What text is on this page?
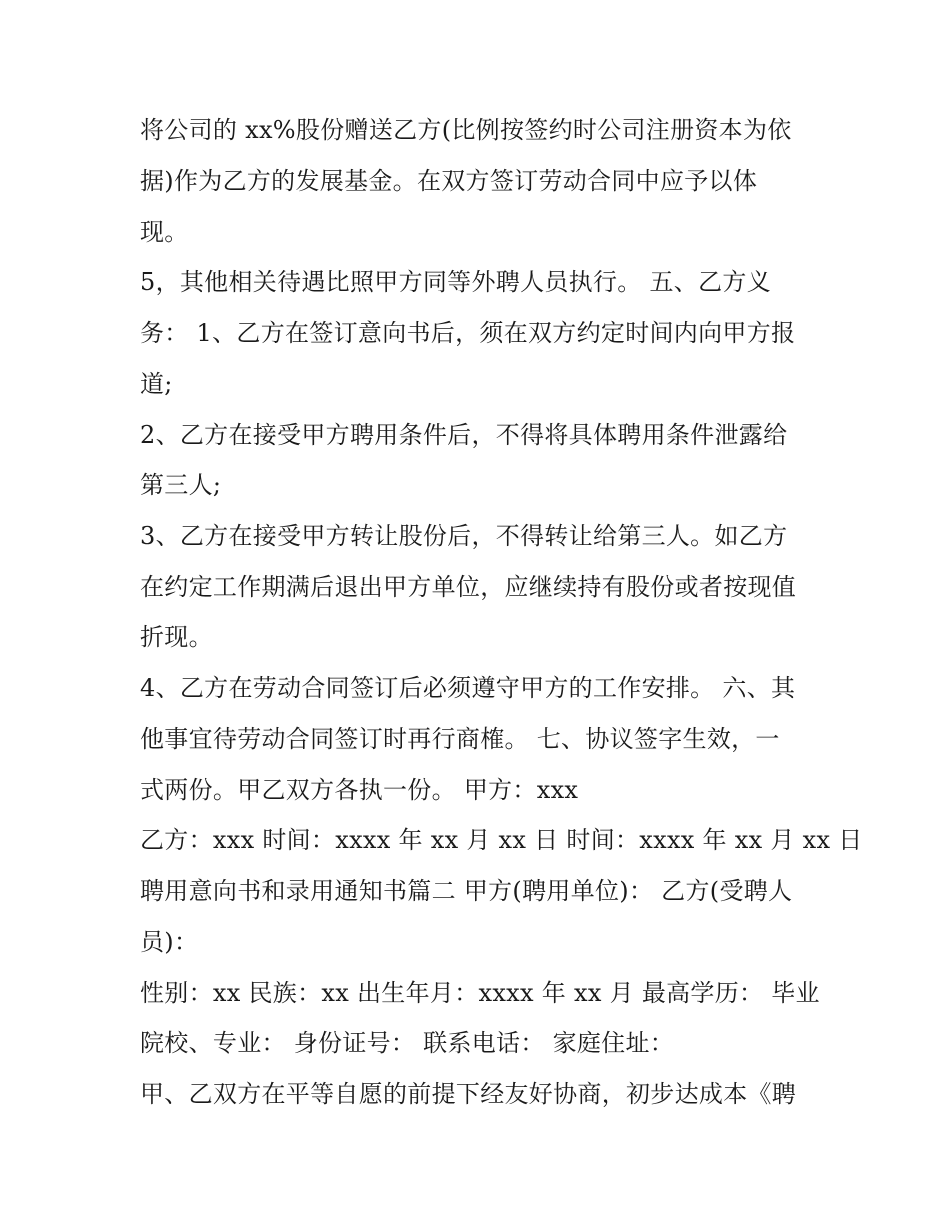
将公司的 xx%股份赠送乙方(比例按签约时公司注册资本为依
据)作为乙方的发展基金。在双方签订劳动合同中应予以体
现。
5，其他相关待遇比照甲方同等外聘人员执行。 五、乙方义
务： 1、乙方在签订意向书后，须在双方约定时间内向甲方报
道;
2、乙方在接受甲方聘用条件后，不得将具体聘用条件泄露给
第三人;
3、乙方在接受甲方转让股份后，不得转让给第三人。如乙方
在约定工作期满后退出甲方单位，应继续持有股份或者按现值
折现。
4、乙方在劳动合同签订后必须遵守甲方的工作安排。 六、其
他事宜待劳动合同签订时再行商榷。 七、协议签字生效，一
式两份。甲乙双方各执一份。 甲方：xxx
乙方：xxx 时间：xxxx 年 xx 月 xx 日 时间：xxxx 年 xx 月 xx 日
聘用意向书和录用通知书篇二 甲方(聘用单位)： 乙方(受聘人
员)：
性别：xx 民族：xx 出生年月：xxxx 年 xx 月 最高学历： 毕业
院校、专业： 身份证号： 联系电话： 家庭住址：
甲、乙双方在平等自愿的前提下经友好协商，初步达成本《聘
